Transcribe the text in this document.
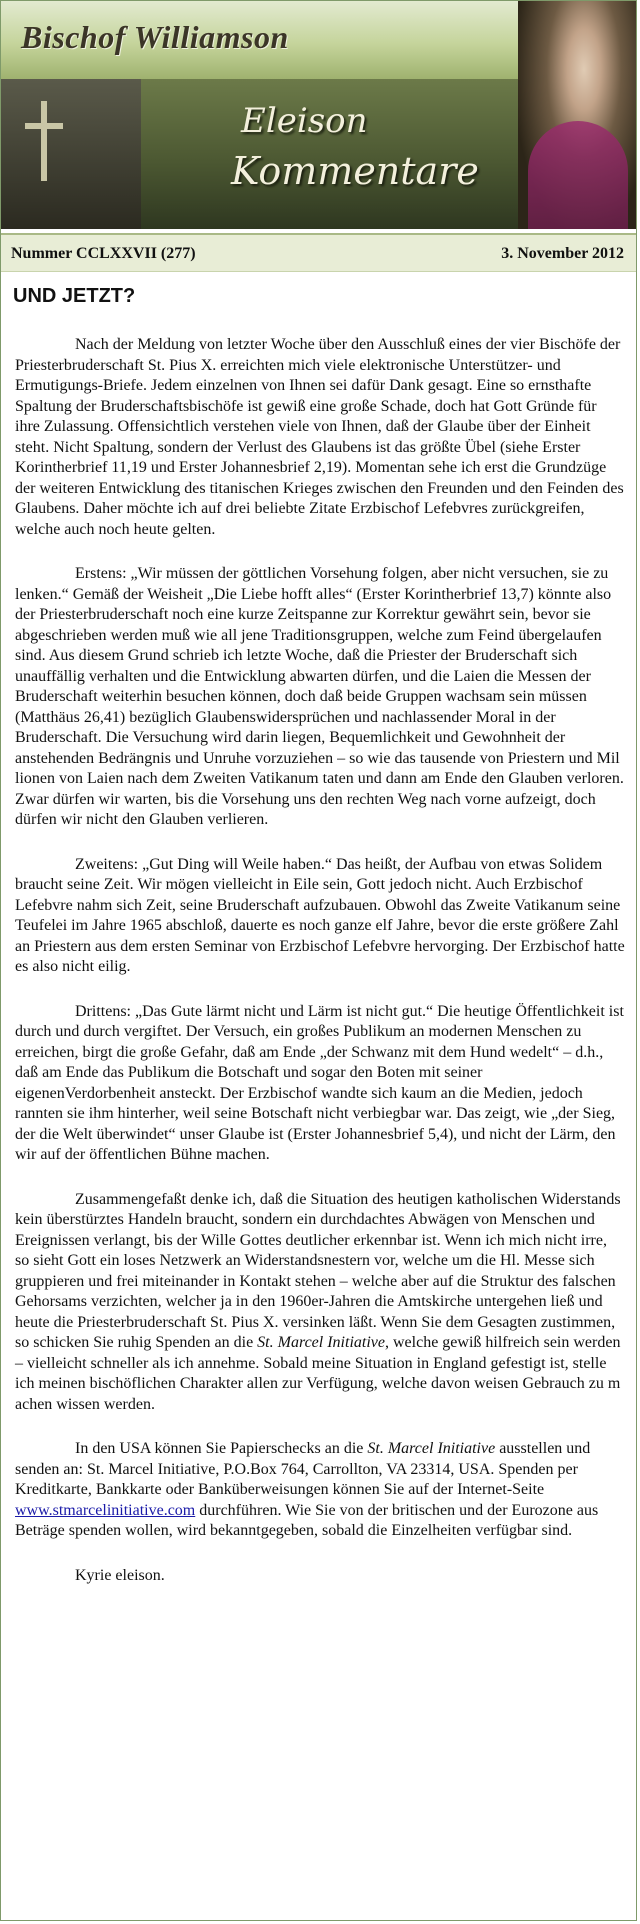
Bischof Williamson
Eleison
Kommentare
Nummer CCLXXVII (277)	3. November 2012
UND JETZT?

Nach der Meldung von letzter Woche über den Ausschluß eines der vier Bischöfe der Priesterbruderschaft St. Pius X. erreichten mich viele elektronische Unterstützer- und Ermutigungs-Briefe. Jedem einzelnen von Ihnen sei dafür Dank gesagt. Eine so ernsthafte Spaltung der Bruderschaftsbischöfe ist gewiß eine große Schade, doch hat Gott Gründe für ihre Zulassung. Offensichtlich verstehen viele von Ihnen, daß der Glaube über der Einheit steht. Nicht Spaltung, sondern der Verlust des Glaubens ist das größte Übel (siehe Erster Korintherbrief 11,19 und Erster Johannesbrief 2,19). Momentan sehe ich erst die Grundzüge der weiteren Entwicklung des titanischen Krieges zwischen den Freunden und den Feinden des Glaubens. Daher möchte ich auf drei beliebte Zitate Erzbischof Lefebvres zurückgreifen, welche auch noch heute gelten.

Erstens: „Wir müssen der göttlichen Vorsehung folgen, aber nicht versuchen, sie zu lenken.“ Gemäß der Weisheit „Die Liebe hofft alles“ (Erster Korintherbrief 13,7) könnte also der Priesterbruderschaft noch eine kurze Zeitspanne zur Korrektur gewährt sein, bevor sie abgeschrieben werden muß wie all jene Traditionsgruppen, welche zum Feind übergelaufen sind. Aus diesem Grund schrieb ich letzte Woche, daß die Priester der Bruderschaft sich unauffällig verhalten und die Entwicklung abwarten dürfen, und die Laien die Messen der Bruderschaft weiterhin besuchen können, doch daß beide Gruppen wachsam sein müssen (Matthäus 26,41) bezüglich Glaubenswidersprüchen und nachlassender Moral in der Bruderschaft. Die Versuchung wird darin liegen, Bequemlichkeit und Gewohnheit der anstehenden Bedrängnis und Unruhe vorzuziehen – so wie das tausende von Priestern und Mil lionen von Laien nach dem Zweiten Vatikanum taten und dann am Ende den Glauben verloren. Zwar dürfen wir warten, bis die Vorsehung uns den rechten Weg nach vorne aufzeigt, doch dürfen wir nicht den Glauben verlieren.

Zweitens: „Gut Ding will Weile haben.“ Das heißt, der Aufbau von etwas Solidem braucht seine Zeit. Wir mögen vielleicht in Eile sein, Gott jedoch nicht. Auch Erzbischof Lefebvre nahm sich Zeit, seine Bruderschaft aufzubauen. Obwohl das Zweite Vatikanum seine Teufelei im Jahre 1965 abschloß, dauerte es noch ganze elf Jahre, bevor die erste größere Zahl an Priestern aus dem ersten Seminar von Erzbischof Lefebvre hervorging. Der Erzbischof hatte es also nicht eilig.

Drittens: „Das Gute lärmt nicht und Lärm ist nicht gut.“ Die heutige Öffentlichkeit ist durch und durch vergiftet. Der Versuch, ein großes Publikum an modernen Menschen zu erreichen, birgt die große Gefahr, daß am Ende „der Schwanz mit dem Hund wedelt“ – d.h., daß am Ende das Publikum die Botschaft und sogar den Boten mit seiner eigenenVerdorbenheit ansteckt. Der Erzbischof wandte sich kaum an die Medien, jedoch rannten sie ihm hinterher, weil seine Botschaft nicht verbiegbar war. Das zeigt, wie „der Sieg, der die Welt überwindet“ unser Glaube ist (Erster Johannesbrief 5,4), und nicht der Lärm, den wir auf der öffentlichen Bühne machen.

Zusammengefaßt denke ich, daß die Situation des heutigen katholischen Widerstands kein überstürztes Handeln braucht, sondern ein durchdachtes Abwägen von Menschen und Ereignissen verlangt, bis der Wille Gottes deutlicher erkennbar ist. Wenn ich mich nicht irre, so sieht Gott ein loses Netzwerk an Widerstandsnestern vor, welche um die Hl. Messe sich gruppieren und frei miteinander in Kontakt stehen – welche aber auf die Struktur des falschen Gehorsams verzichten, welcher ja in den 1960er-Jahren die Amtskirche untergehen ließ und heute die Priesterbruderschaft St. Pius X. versinken läßt. Wenn Sie dem Gesagten zustimmen, so schicken Sie ruhig Spenden an die St. Marcel Initiative, welche gewiß hilfreich sein werden – vielleicht schneller als ich annehme. Sobald meine Situation in England gefestigt ist, stelle ich meinen bischöflichen Charakter allen zur Verfügung, welche davon weisen Gebrauch zu m achen wissen werden.

In den USA können Sie Papierschecks an die St. Marcel Initiative ausstellen und senden an: St. Marcel Initiative, P.O.Box 764, Carrollton, VA 23314, USA. Spenden per Kreditkarte, Bankkarte oder Banküberweisungen können Sie auf der Internet-Seite www.stmarcelinitiative.com durchführen. Wie Sie von der britischen und der Eurozone aus Beträge spenden wollen, wird bekanntgegeben, sobald die Einzelheiten verfügbar sind.

Kyrie eleison.
